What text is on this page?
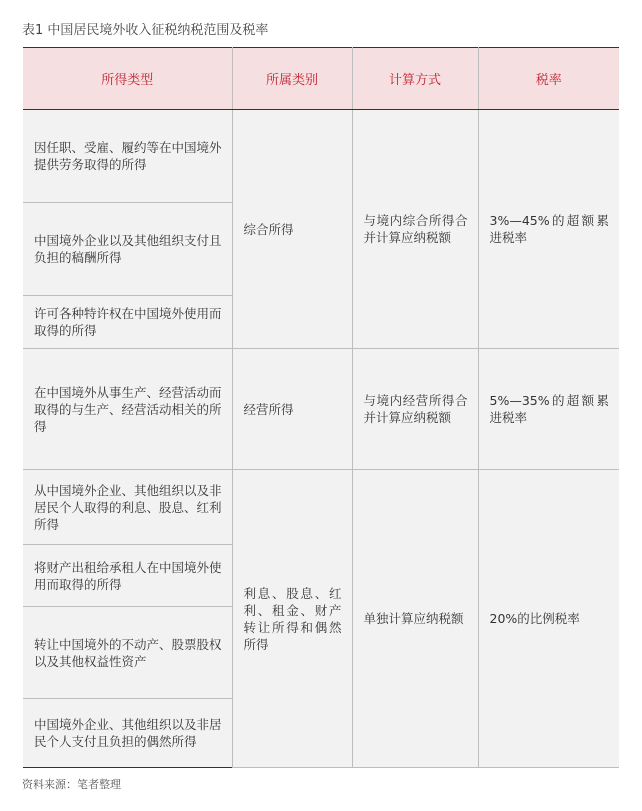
表1 中国居民境外收入征税纳税范围及税率
所得类型	所属类别	计算方式	税率
因任职、受雇、履约等在中国境外提供劳务取得的所得	综合所得	与境内综合所得合并计算应纳税额	3%—45%的超额累进税率
中国境外企业以及其他组织支付且负担的稿酬所得			
许可各种特许权在中国境外使用而取得的所得			
在中国境外从事生产、经营活动而取得的与生产、经营活动相关的所得	经营所得	与境内经营所得合并计算应纳税额	5%—35%的超额累进税率
从中国境外企业、其他组织以及非居民个人取得的利息、股息、红利所得	利息、股息、红利、租金、财产转让所得和偶然所得	单独计算应纳税额	20%的比例税率
将财产出租给承租人在中国境外使用而取得的所得			
转让中国境外的不动产、股票股权以及其他权益性资产			
中国境外企业、其他组织以及非居民个人支付且负担的偶然所得			
资料来源：笔者整理
